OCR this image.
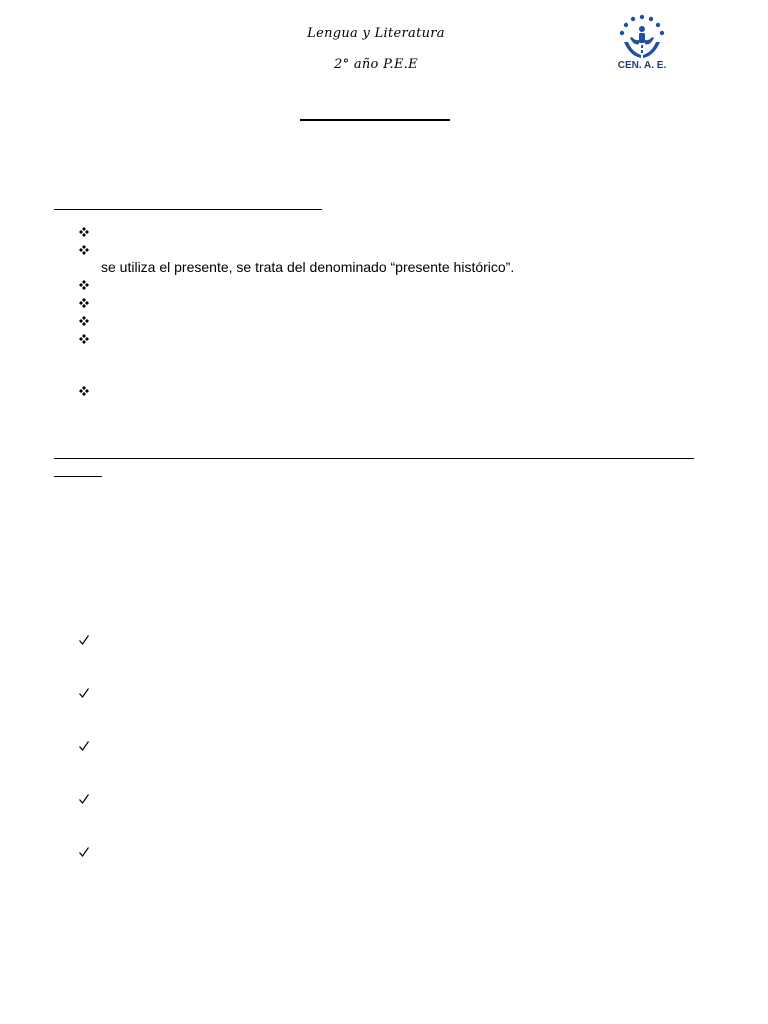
Lengua y Literatura
2° año P.E.E	CEN. A. E.
se utiliza el presente, se trata del denominado “presente histórico”.
